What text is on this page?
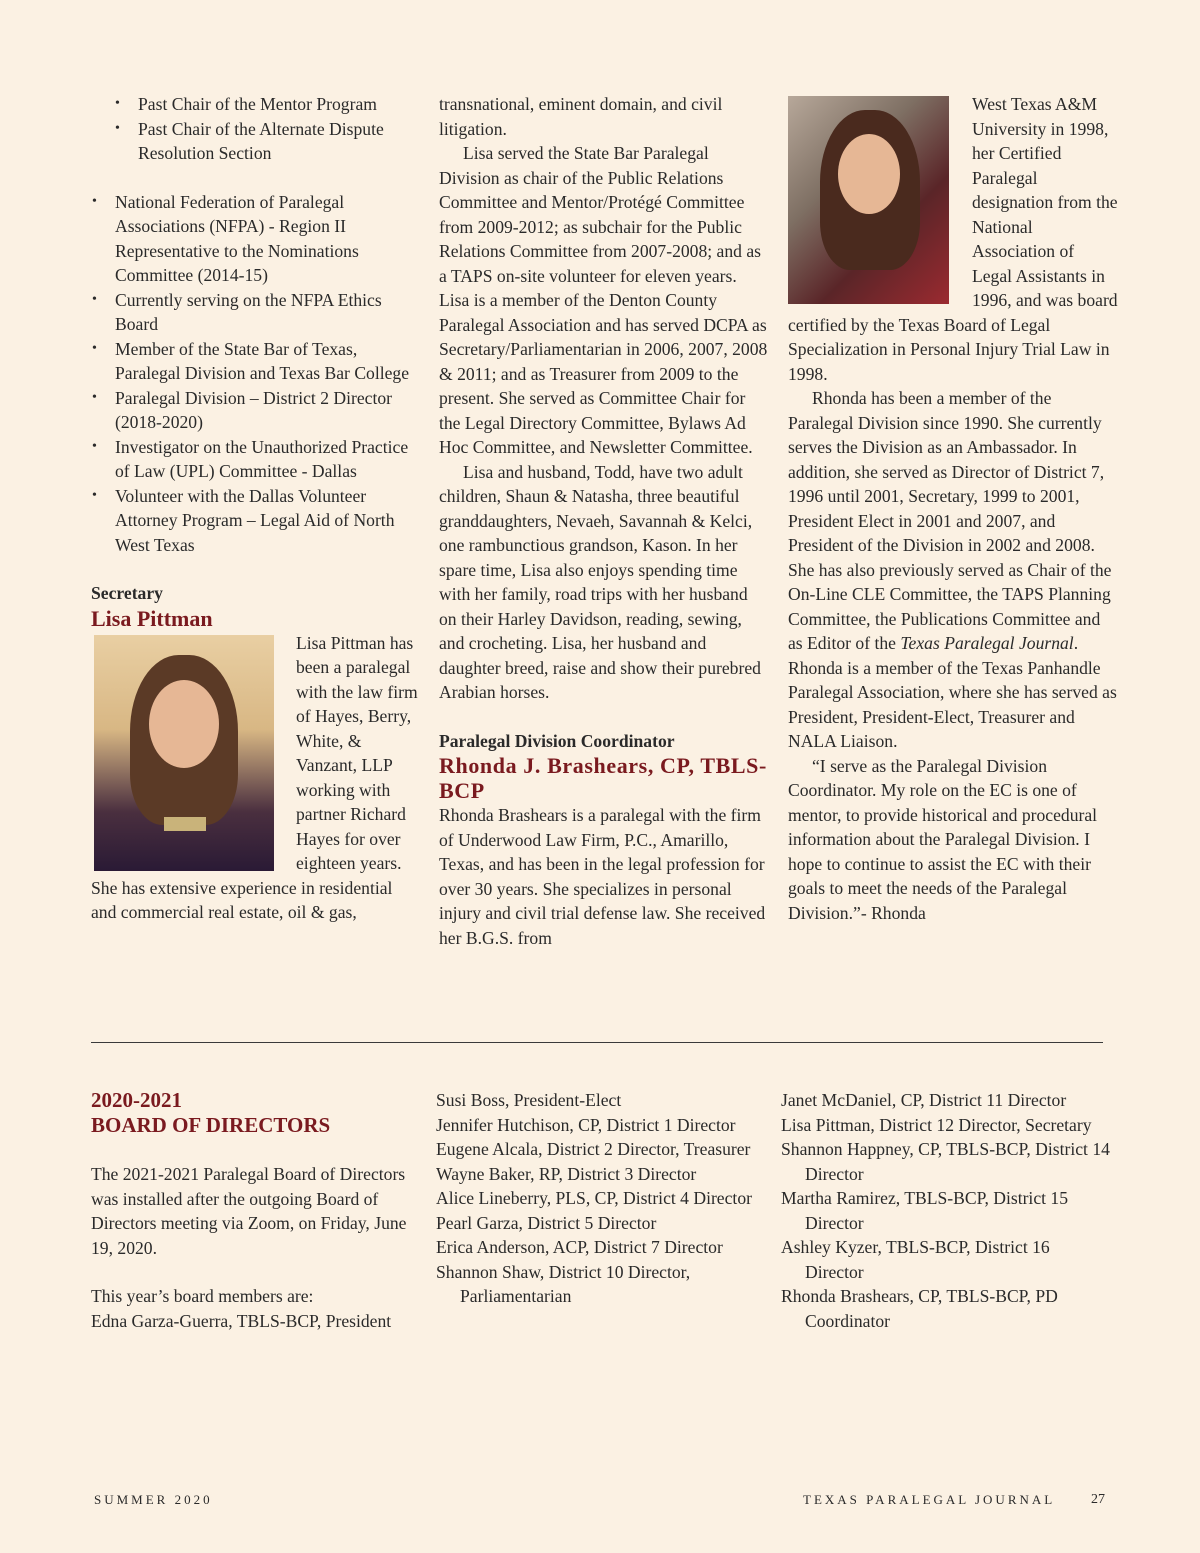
• Past Chair of the Mentor Program
• Past Chair of the Alternate Dispute Resolution Section
• National Federation of Paralegal Associations (NFPA) - Region II Representative to the Nominations Committee (2014-15)
• Currently serving on the NFPA Ethics Board
• Member of the State Bar of Texas, Paralegal Division and Texas Bar College
• Paralegal Division – District 2 Director (2018-2020)
• Investigator on the Unauthorized Practice of Law (UPL) Committee - Dallas
• Volunteer with the Dallas Volunteer Attorney Program – Legal Aid of North West Texas
Secretary
Lisa Pittman

Lisa Pittman has been a paralegal with the law firm of Hayes, Berry, White, & Vanzant, LLP working with partner Richard Hayes for over eighteen years. She has extensive experience in residential and commercial real estate, oil & gas,

transnational, eminent domain, and civil litigation.

Lisa served the State Bar Paralegal Division as chair of the Public Relations Committee and Mentor/Protégé Committee from 2009-2012; as subchair for the Public Relations Committee from 2007-2008; and as a TAPS on-site volunteer for eleven years. Lisa is a member of the Denton County Paralegal Association and has served DCPA as Secretary/Parliamentarian in 2006, 2007, 2008 & 2011; and as Treasurer from 2009 to the present. She served as Committee Chair for the Legal Directory Committee, Bylaws Ad Hoc Committee, and Newsletter Committee.

Lisa and husband, Todd, have two adult children, Shaun & Natasha, three beautiful granddaughters, Nevaeh, Savannah & Kelci, one rambunctious grandson, Kason. In her spare time, Lisa also enjoys spending time with her family, road trips with her husband on their Harley Davidson, reading, sewing, and crocheting. Lisa, her husband and daughter breed, raise and show their purebred Arabian horses.

Paralegal Division Coordinator
Rhonda J. Brashears, CP, TBLS-BCP

Rhonda Brashears is a paralegal with the firm of Underwood Law Firm, P.C., Amarillo, Texas, and has been in the legal profession for over 30 years. She specializes in personal injury and civil trial defense law. She received her B.G.S. from

West Texas A&M University in 1998, her Certified Paralegal designation from the National Association of Legal Assistants in 1996, and was board certified by the Texas Board of Legal Specialization in Personal Injury Trial Law in 1998.

Rhonda has been a member of the Paralegal Division since 1990. She currently serves the Division as an Ambassador. In addition, she served as Director of District 7, 1996 until 2001, Secretary, 1999 to 2001, President Elect in 2001 and 2007, and President of the Division in 2002 and 2008. She has also previously served as Chair of the On-Line CLE Committee, the TAPS Planning Committee, the Publications Committee and as Editor of the Texas Paralegal Journal. Rhonda is a member of the Texas Panhandle Paralegal Association, where she has served as President, President-Elect, Treasurer and NALA Liaison.

“I serve as the Paralegal Division Coordinator. My role on the EC is one of mentor, to provide historical and procedural information about the Paralegal Division. I hope to continue to assist the EC with their goals to meet the needs of the Paralegal Division.”- Rhonda

2020-2021
BOARD OF DIRECTORS

The 2021-2021 Paralegal Board of Directors was installed after the outgoing Board of Directors meeting via Zoom, on Friday, June 19, 2020.

This year’s board members are:

Edna Garza-Guerra, TBLS-BCP, President
Susi Boss, President-Elect
Jennifer Hutchison, CP, District 1 Director
Eugene Alcala, District 2 Director, Treasurer
Wayne Baker, RP, District 3 Director
Alice Lineberry, PLS, CP, District 4 Director
Pearl Garza, District 5 Director
Erica Anderson, ACP, District 7 Director
Shannon Shaw, District 10 Director, Parliamentarian
Janet McDaniel, CP, District 11 Director
Lisa Pittman, District 12 Director, Secretary
Shannon Happney, CP, TBLS-BCP, District 14 Director
Martha Ramirez, TBLS-BCP, District 15 Director
Ashley Kyzer, TBLS-BCP, District 16 Director
Rhonda Brashears, CP, TBLS-BCP, PD Coordinator
SUMMER 2020	TEXAS PARALEGAL JOURNAL	27
